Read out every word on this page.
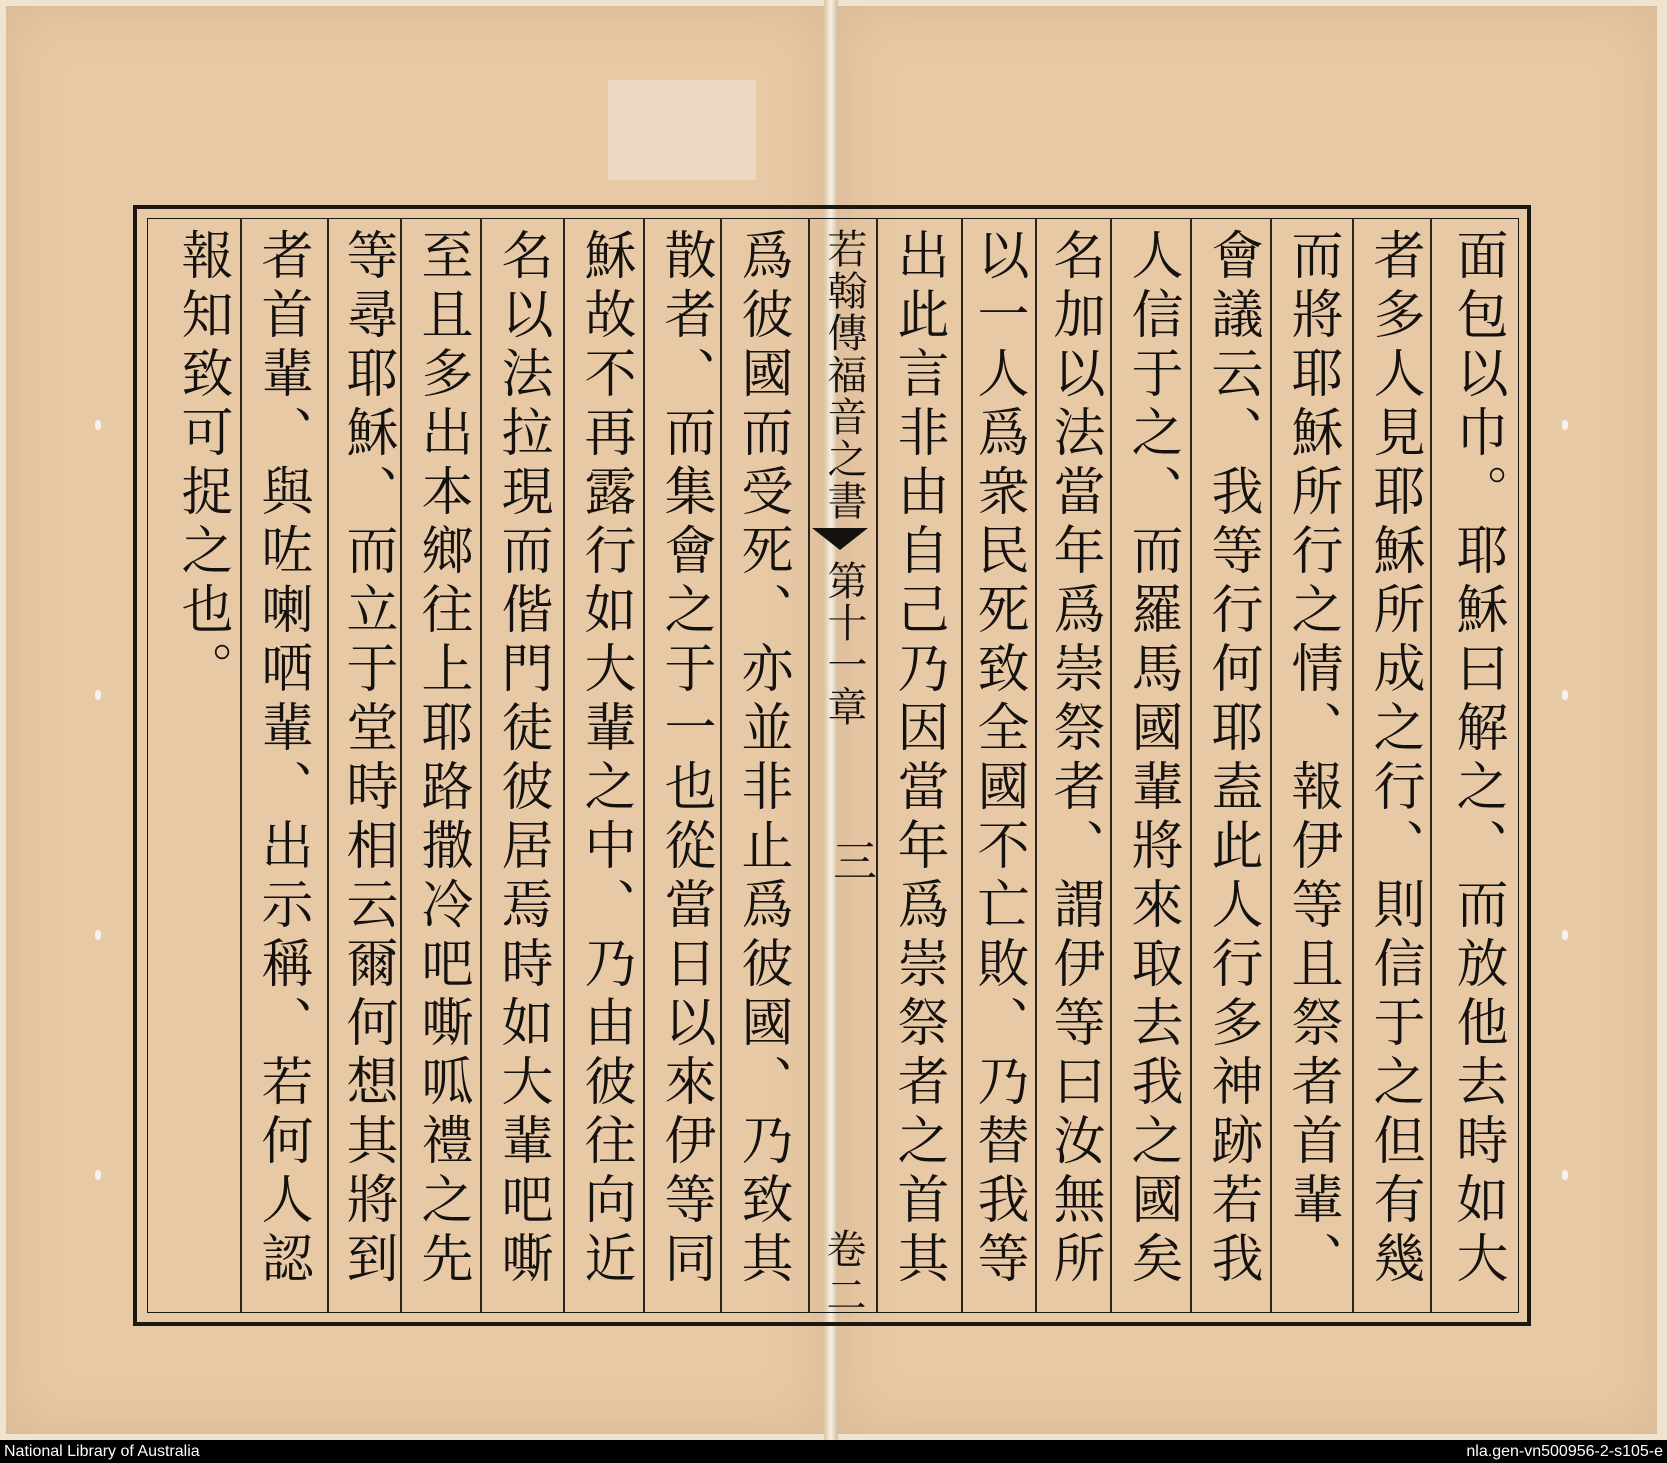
面包以巾。耶穌曰解之、而放他去時如大
者多人見耶穌所成之行、則信于之但有幾
而將耶穌所行之情、報伊等且祭者首輩、
會議云、我等行何耶盍此人行多神跡若我
人信于之、而羅馬國輩將來取去我之國矣
名加以法當年爲崇祭者、謂伊等曰汝無所
以一人爲衆民死致全國不亡敗、乃替我等
出此言非由自己乃因當年爲崇祭者之首其
若翰傳福音之書
第十一章
三
卷二
爲彼國而受死、亦並非止爲彼國、乃致其
散者、而集會之于一也從當日以來伊等同
穌故不再露行如大輩之中、乃由彼往向近
名以法拉現而偕門徒彼居焉時如大輩吧嘶
至且多出本鄉往上耶路撒冷吧嘶呱禮之先
等尋耶穌、而立于堂時相云爾何想其將到
者首輩、與咗喇哂輩、出示稱、若何人認
報知致可捉之也。
National Library of Australia	nla.gen-vn500956-2-s105-e
